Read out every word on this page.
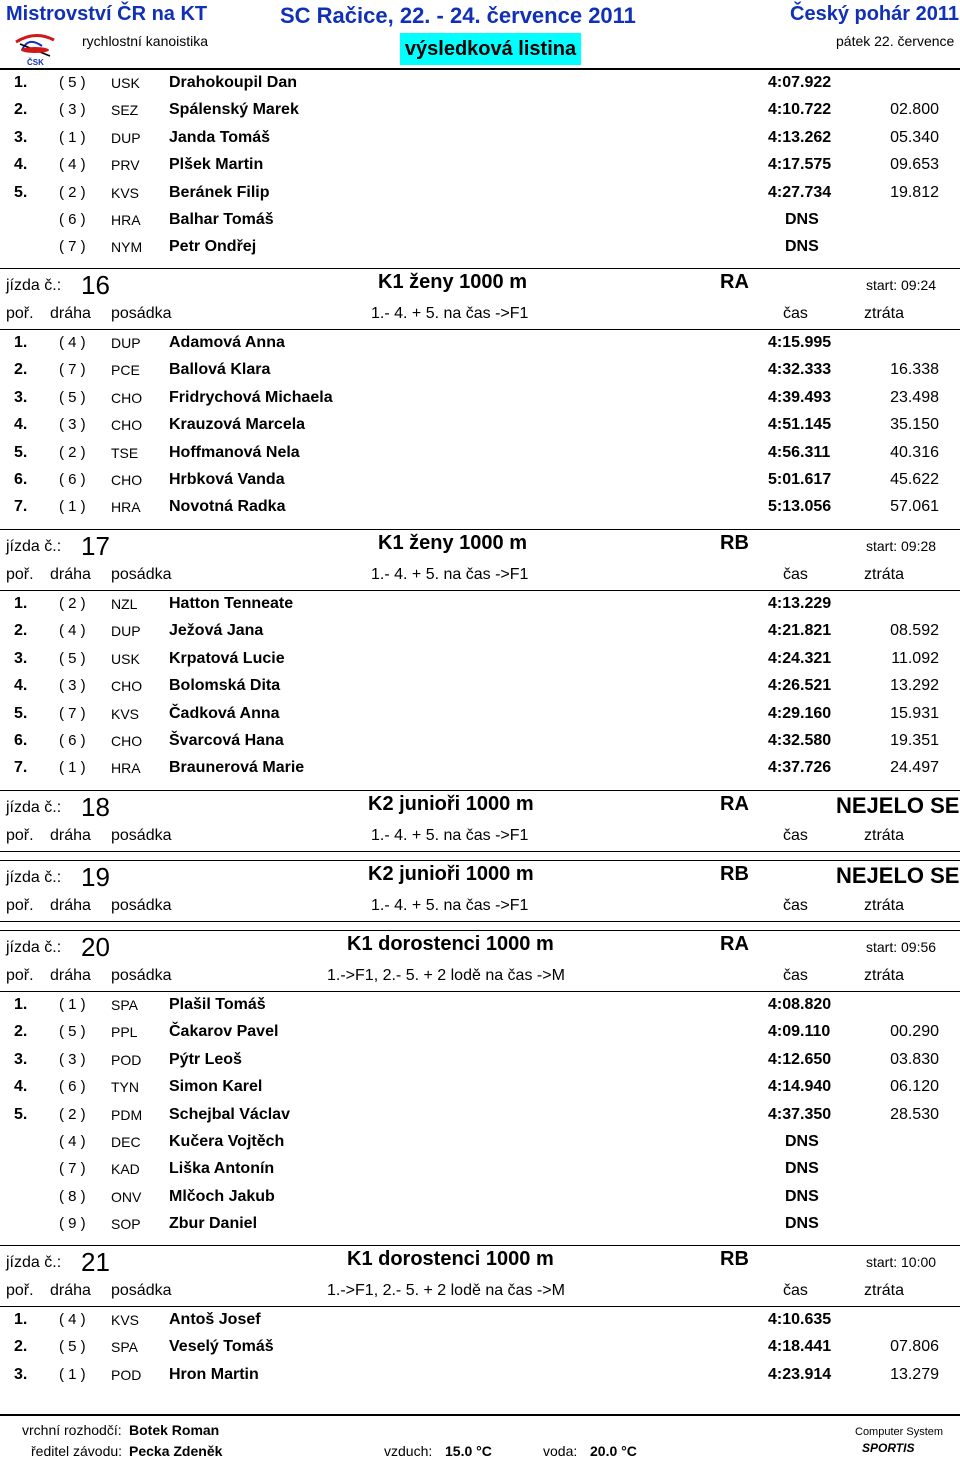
Mistrovství ČR na KT	SC Račice, 22. - 24. července 2011	Český pohár 2011
ČSK
rychlostní kanoistika	výsledková listina	pátek 22. července
1. ( 5 ) USK Drahokoupil Dan	4:07.922
2. ( 3 ) SEZ Spálenský Marek	4:10.722	02.800
3. ( 1 ) DUP Janda Tomáš	4:13.262	05.340
4. ( 4 ) PRV Plšek Martin	4:17.575	09.653
5. ( 2 ) KVS Beránek Filip	4:27.734	19.812
( 6 ) HRA Balhar Tomáš	DNS
( 7 ) NYM Petr Ondřej	DNS
jízda č.: 16	K1 ženy 1000 m	RA	start: 09:24
poř. dráha posádka	1.- 4. + 5. na čas ->F1	čas	ztráta
1. ( 4 ) DUP Adamová Anna	4:15.995
2. ( 7 ) PCE Ballová Klara	4:32.333	16.338
3. ( 5 ) CHO Fridrychová Michaela	4:39.493	23.498
4. ( 3 ) CHO Krauzová Marcela	4:51.145	35.150
5. ( 2 ) TSE Hoffmanová Nela	4:56.311	40.316
6. ( 6 ) CHO Hrbková Vanda	5:01.617	45.622
7. ( 1 ) HRA Novotná Radka	5:13.056	57.061
jízda č.: 17	K1 ženy 1000 m	RB	start: 09:28
poř. dráha posádka	1.- 4. + 5. na čas ->F1	čas	ztráta
1. ( 2 ) NZL Hatton Tenneate	4:13.229
2. ( 4 ) DUP Ježová Jana	4:21.821	08.592
3. ( 5 ) USK Krpatová Lucie	4:24.321	11.092
4. ( 3 ) CHO Bolomská Dita	4:26.521	13.292
5. ( 7 ) KVS Čadková Anna	4:29.160	15.931
6. ( 6 ) CHO Švarcová Hana	4:32.580	19.351
7. ( 1 ) HRA Braunerová Marie	4:37.726	24.497
jízda č.: 18	K2 junioři 1000 m	RA	NEJELO SE
poř. dráha posádka	1.- 4. + 5. na čas ->F1	čas	ztráta
jízda č.: 19	K2 junioři 1000 m	RB	NEJELO SE
poř. dráha posádka	1.- 4. + 5. na čas ->F1	čas	ztráta
jízda č.: 20	K1 dorostenci 1000 m	RA	start: 09:56
poř. dráha posádka	1.->F1, 2.- 5. + 2 lodě na čas ->M	čas	ztráta
1. ( 1 ) SPA Plašil Tomáš	4:08.820
2. ( 5 ) PPL Čakarov Pavel	4:09.110	00.290
3. ( 3 ) POD Pýtr Leoš	4:12.650	03.830
4. ( 6 ) TYN Simon Karel	4:14.940	06.120
5. ( 2 ) PDM Schejbal Václav	4:37.350	28.530
( 4 ) DEC Kučera Vojtěch	DNS
( 7 ) KAD Liška Antonín	DNS
( 8 ) ONV Mlčoch Jakub	DNS
( 9 ) SOP Zbur Daniel	DNS
jízda č.: 21	K1 dorostenci 1000 m	RB	start: 10:00
poř. dráha posádka	1.->F1, 2.- 5. + 2 lodě na čas ->M	čas	ztráta
1. ( 4 ) KVS Antoš Josef	4:10.635
2. ( 5 ) SPA Veselý Tomáš	4:18.441	07.806
3. ( 1 ) POD Hron Martin	4:23.914	13.279
vrchní rozhodčí: Botek Roman
ředitel závodu: Pecka Zdeněk	vzduch: 15.0 °C	voda: 20.0 °C
Computer System
SPORTIS
